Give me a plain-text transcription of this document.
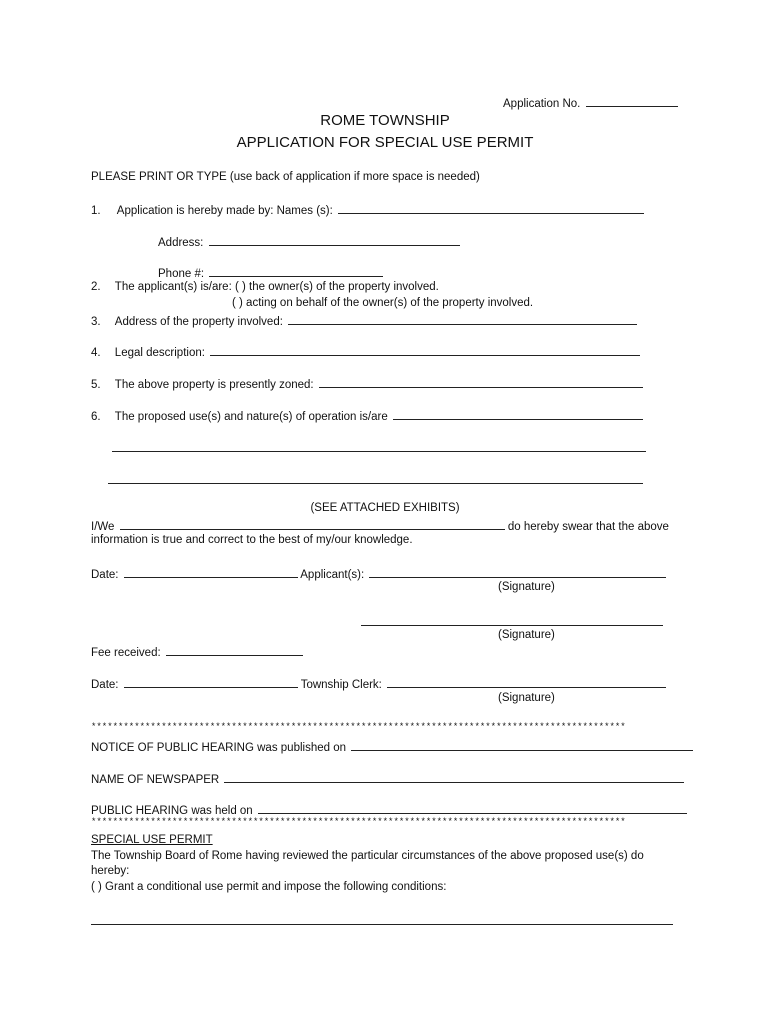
Application No.
ROME TOWNSHIP
APPLICATION FOR SPECIAL USE PERMIT
PLEASE PRINT OR TYPE (use back of application if more space is needed)
1. Application is hereby made by: Names (s):
Address:
Phone #:
2. The applicant(s) is/are: ( ) the owner(s) of the property involved.
( ) acting on behalf of the owner(s) of the property involved.
3. Address of the property involved:
4. Legal description:
5. The above property is presently zoned:
6. The proposed use(s) and nature(s) of operation is/are
(SEE ATTACHED EXHIBITS)
I/We	do hereby swear that the above
information is true and correct to the best of my/our knowledge.
Date:	Applicant(s):
(Signature)
(Signature)
Fee received:
Date:	Township Clerk:
(Signature)
***************************************************************************************************
NOTICE OF PUBLIC HEARING was published on
NAME OF NEWSPAPER
PUBLIC HEARING was held on
***************************************************************************************************
SPECIAL USE PERMIT
The Township Board of Rome having reviewed the particular circumstances of the above proposed use(s) do
hereby:
( ) Grant a conditional use permit and impose the following conditions:
